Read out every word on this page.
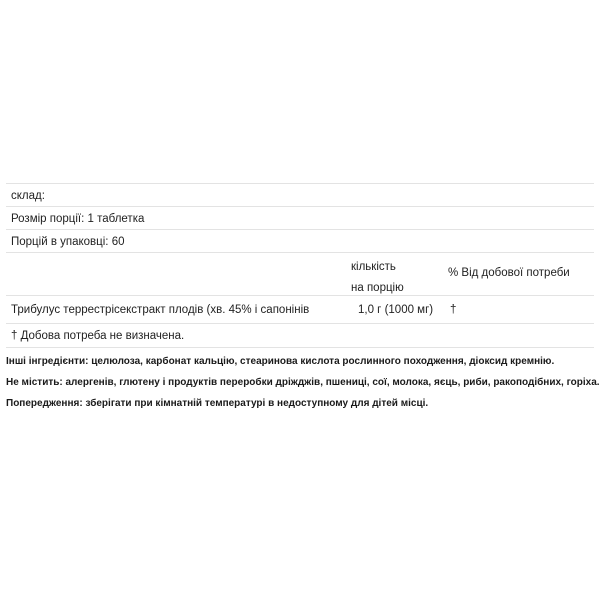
склад:
Розмір порції: 1 таблетка
Порцій в упаковці: 60
кількість
на порцію
% Від добової потреби
Трибулус террестрісекстракт плодів (хв. 45% і сапонінів	1,0 г (1000 мг) †
† Добова потреба не визначена.
Інші інгредієнти: целюлоза, карбонат кальцію, стеаринова кислота рослинного походження, діоксид кремнію.
Не містить: алергенів, глютену і продуктів переробки дріжджів, пшениці, сої, молока, яєць, риби, ракоподібних, горіха.
Попередження: зберігати при кімнатній температурі в недоступному для дітей місці.
